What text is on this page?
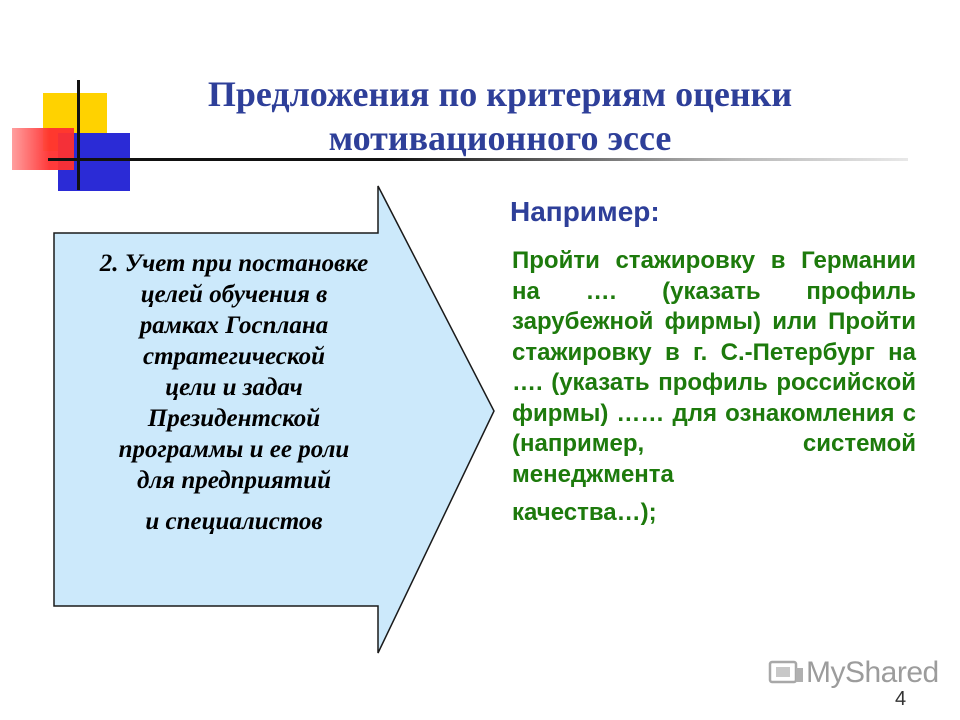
Предложения по критериям оценки
мотивационного эссе
2. Учет при постановке
целей обучения в
рамках Госплана
стратегической
цели и задач
Президентской
программы и ее роли
для предприятий
и специалистов
Например:
Пройти стажировку в Германии на …. (указать профиль зарубежной фирмы) или Пройти стажировку в г. С.-Петербург на …. (указать профиль российской фирмы) …… для ознакомления с (например, системой менеджмента
качества…);
MyShared
4
